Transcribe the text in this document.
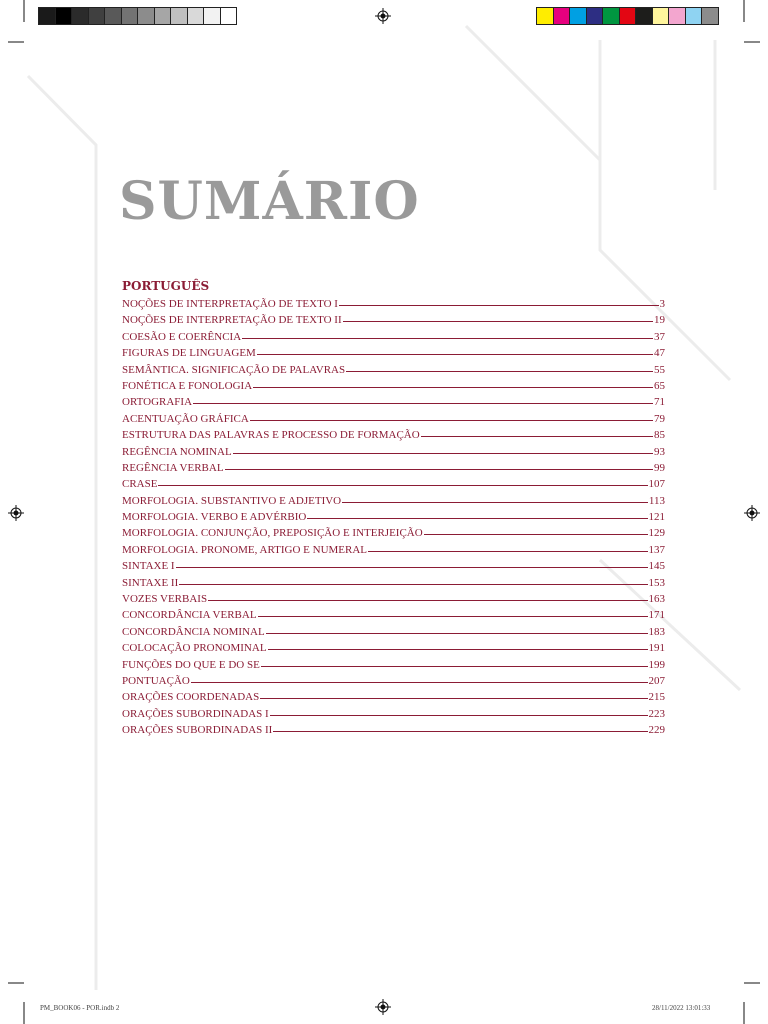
SUMÁRIO
PORTUGUÊS
NOÇÕES DE INTERPRETAÇÃO DE TEXTO I	3
NOÇÕES DE INTERPRETAÇÃO DE TEXTO II	19
COESÃO E COERÊNCIA	37
FIGURAS DE LINGUAGEM	47
SEMÂNTICA. SIGNIFICAÇÃO DE PALAVRAS	55
FONÉTICA E FONOLOGIA	65
ORTOGRAFIA	71
ACENTUAÇÃO GRÁFICA	79
ESTRUTURA DAS PALAVRAS E PROCESSO DE FORMAÇÃO	85
REGÊNCIA NOMINAL	93
REGÊNCIA VERBAL	99
CRASE	107
MORFOLOGIA. SUBSTANTIVO E ADJETIVO	113
MORFOLOGIA. VERBO E ADVÉRBIO	121
MORFOLOGIA. CONJUNÇÃO, PREPOSIÇÃO E INTERJEIÇÃO	129
MORFOLOGIA. PRONOME, ARTIGO E NUMERAL	137
SINTAXE I	145
SINTAXE II	153
VOZES VERBAIS	163
CONCORDÂNCIA VERBAL	171
CONCORDÂNCIA NOMINAL	183
COLOCAÇÃO PRONOMINAL	191
FUNÇÕES DO QUE E DO SE	199
PONTUAÇÃO	207
ORAÇÕES COORDENADAS	215
ORAÇÕES SUBORDINADAS I	223
ORAÇÕES SUBORDINADAS II	229
PM_BOOK06 - POR.indb 2	28/11/2022 13:01:33
